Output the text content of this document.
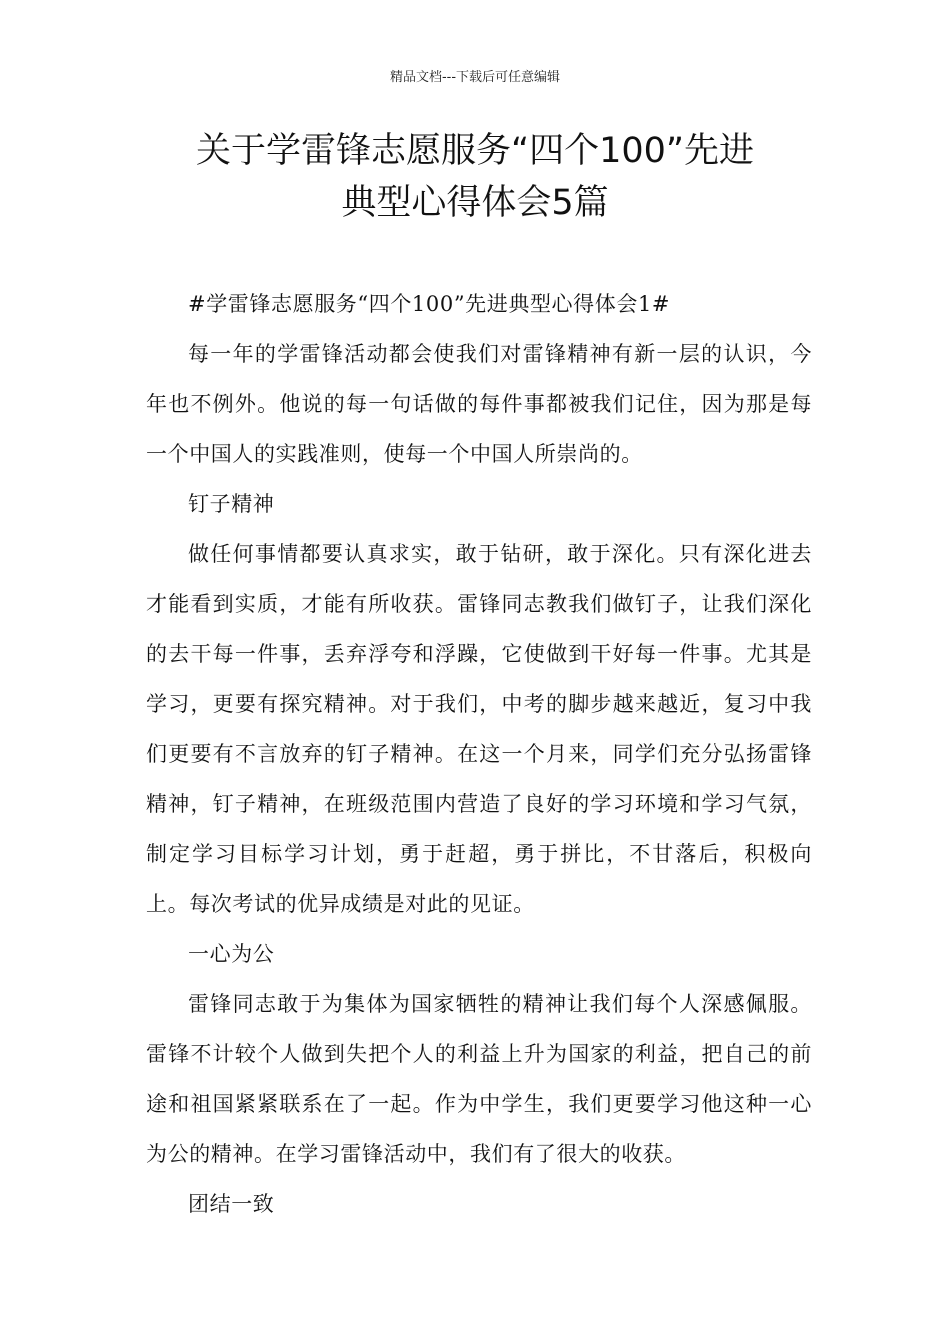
精品文档---下载后可任意编辑
关于学雷锋志愿服务“四个100”先进
典型心得体会5篇

#学雷锋志愿服务“四个100”先进典型心得体会1#

每一年的学雷锋活动都会使我们对雷锋精神有新一层的认识，今年也不例外。他说的每一句话做的每件事都被我们记住，因为那是每一个中国人的实践准则，使每一个中国人所崇尚的。

钉子精神

做任何事情都要认真求实，敢于钻研，敢于深化。只有深化进去才能看到实质，才能有所收获。雷锋同志教我们做钉子，让我们深化的去干每一件事，丢弃浮夸和浮躁，它使做到干好每一件事。尤其是学习，更要有探究精神。对于我们，中考的脚步越来越近，复习中我们更要有不言放弃的钉子精神。在这一个月来，同学们充分弘扬雷锋精神，钉子精神，在班级范围内营造了良好的学习环境和学习气氛，制定学习目标学习计划，勇于赶超，勇于拼比，不甘落后，积极向上。每次考试的优异成绩是对此的见证。

一心为公

雷锋同志敢于为集体为国家牺牲的精神让我们每个人深感佩服。雷锋不计较个人做到失把个人的利益上升为国家的利益，把自己的前途和祖国紧紧联系在了一起。作为中学生，我们更要学习他这种一心为公的精神。在学习雷锋活动中，我们有了很大的收获。

团结一致
